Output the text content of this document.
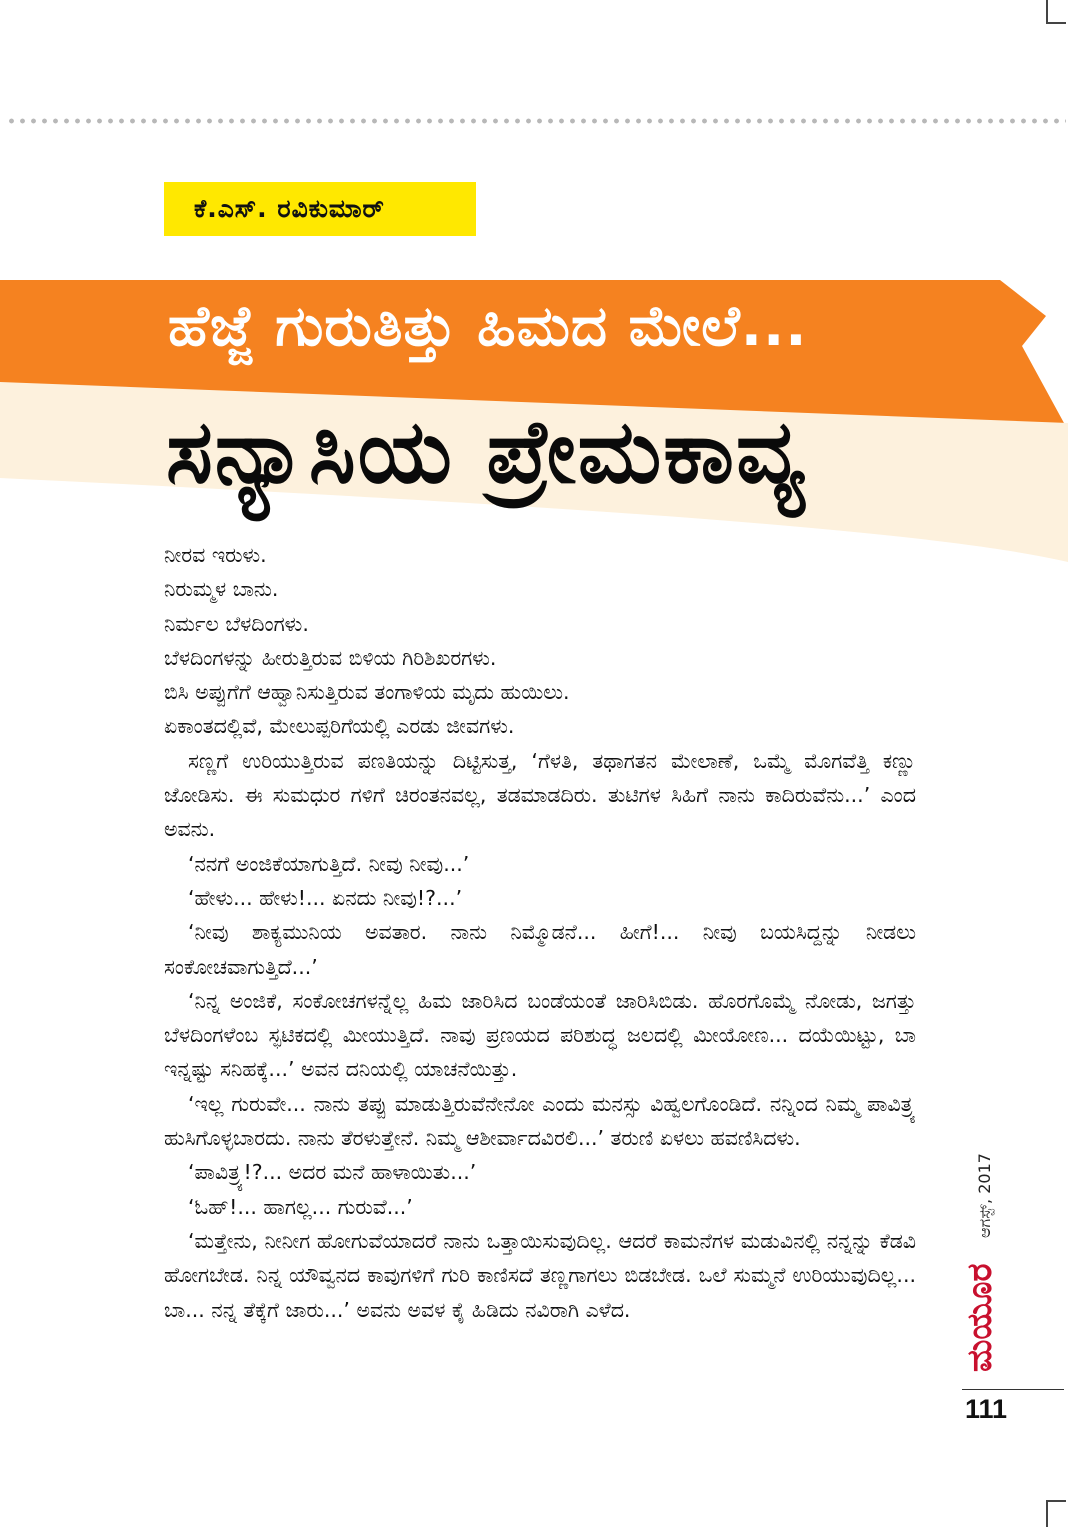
ಕೆ.ಎಸ್. ರವಿಕುಮಾರ್
ಹೆಜ್ಜೆ ಗುರುತಿತ್ತು ಹಿಮದ ಮೇಲೆ...
ಸನ್ಯಾಸಿಯ ಪ್ರೇಮಕಾವ್ಯ

ನೀರವ ಇರುಳು.

ನಿರುಮ್ಮಳ ಬಾನು.

ನಿರ್ಮಲ ಬೆಳದಿಂಗಳು.

ಬೆಳದಿಂಗಳನ್ನು ಹೀರುತ್ತಿರುವ ಬಿಳಿಯ ಗಿರಿಶಿಖರಗಳು.

ಬಿಸಿ ಅಪ್ಪುಗೆಗೆ ಆಹ್ವಾನಿಸುತ್ತಿರುವ ತಂಗಾಳಿಯ ಮೃದು ಹುಯಿಲು.

ಏಕಾಂತದಲ್ಲಿವೆ, ಮೇಲುಪ್ಪರಿಗೆಯಲ್ಲಿ ಎರಡು ಜೀವಗಳು.

ಸಣ್ಣಗೆ ಉರಿಯುತ್ತಿರುವ ಪಣತಿಯನ್ನು ದಿಟ್ಟಿಸುತ್ತ, ‘ಗೆಳತಿ, ತಥಾಗತನ ಮೇಲಾಣೆ, ಒಮ್ಮೆ ಮೊಗವೆತ್ತಿ ಕಣ್ಣು ಜೋಡಿಸು. ಈ ಸುಮಧುರ ಗಳಿಗೆ ಚಿರಂತನವಲ್ಲ, ತಡಮಾಡದಿರು. ತುಟಿಗಳ ಸಿಹಿಗೆ ನಾನು ಕಾದಿರುವೆನು...’ ಎಂದ ಅವನು.

‘ನನಗೆ ಅಂಜಿಕೆಯಾಗುತ್ತಿದೆ. ನೀವು ನೀವು...’

‘ಹೇಳು... ಹೇಳು!... ಏನದು ನೀವು!?...’

‘ನೀವು ಶಾಕ್ಯಮುನಿಯ ಅವತಾರ. ನಾನು ನಿಮ್ಮೊಡನೆ... ಹೀಗೆ!... ನೀವು ಬಯಸಿದ್ದನ್ನು ನೀಡಲು ಸಂಕೋಚವಾಗುತ್ತಿದೆ...’

‘ನಿನ್ನ ಅಂಜಿಕೆ, ಸಂಕೋಚಗಳನ್ನೆಲ್ಲ ಹಿಮ ಜಾರಿಸಿದ ಬಂಡೆಯಂತೆ ಜಾರಿಸಿಬಿಡು. ಹೊರಗೊಮ್ಮೆ ನೋಡು, ಜಗತ್ತು ಬೆಳದಿಂಗಳೆಂಬ ಸ್ಫಟಿಕದಲ್ಲಿ ಮೀಯುತ್ತಿದೆ. ನಾವು ಪ್ರಣಯದ ಪರಿಶುದ್ಧ ಜಲದಲ್ಲಿ ಮೀಯೋಣ... ದಯೆಯಿಟ್ಟು, ಬಾ ಇನ್ನಷ್ಟು ಸನಿಹಕ್ಕೆ...’ ಅವನ ದನಿಯಲ್ಲಿ ಯಾಚನೆಯಿತ್ತು.

‘ಇಲ್ಲ ಗುರುವೇ... ನಾನು ತಪ್ಪು ಮಾಡುತ್ತಿರುವೆನೇನೋ ಎಂದು ಮನಸ್ಸು ವಿಹ್ವಲಗೊಂಡಿದೆ. ನನ್ನಿಂದ ನಿಮ್ಮ ಪಾವಿತ್ರ್ಯ ಹುಸಿಗೊಳ್ಳಬಾರದು. ನಾನು ತೆರಳುತ್ತೇನೆ. ನಿಮ್ಮ ಆಶೀರ್ವಾದವಿರಲಿ...’ ತರುಣಿ ಏಳಲು ಹವಣಿಸಿದಳು.

‘ಪಾವಿತ್ರ್ಯ!?... ಅದರ ಮನೆ ಹಾಳಾಯಿತು...’

‘ಓಹ್!... ಹಾಗಲ್ಲ... ಗುರುವೆ...’

‘ಮತ್ತೇನು, ನೀನೀಗ ಹೋಗುವೆಯಾದರೆ ನಾನು ಒತ್ತಾಯಿಸುವುದಿಲ್ಲ. ಆದರೆ ಕಾಮನೆಗಳ ಮಡುವಿನಲ್ಲಿ ನನ್ನನ್ನು ಕೆಡವಿ ಹೋಗಬೇಡ. ನಿನ್ನ ಯೌವ್ವನದ ಕಾವುಗಳಿಗೆ ಗುರಿ ಕಾಣಿಸದೆ ತಣ್ಣಗಾಗಲು ಬಿಡಬೇಡ. ಒಲೆ ಸುಮ್ಮನೆ ಉರಿಯುವುದಿಲ್ಲ... ಬಾ... ನನ್ನ ತೆಕ್ಕೆಗೆ ಜಾರು...’ ಅವನು ಅವಳ ಕೈ ಹಿಡಿದು ನವಿರಾಗಿ ಎಳೆದ.

ಆಗಸ್ಟ್, 2017
ಮಯೂರ
111
